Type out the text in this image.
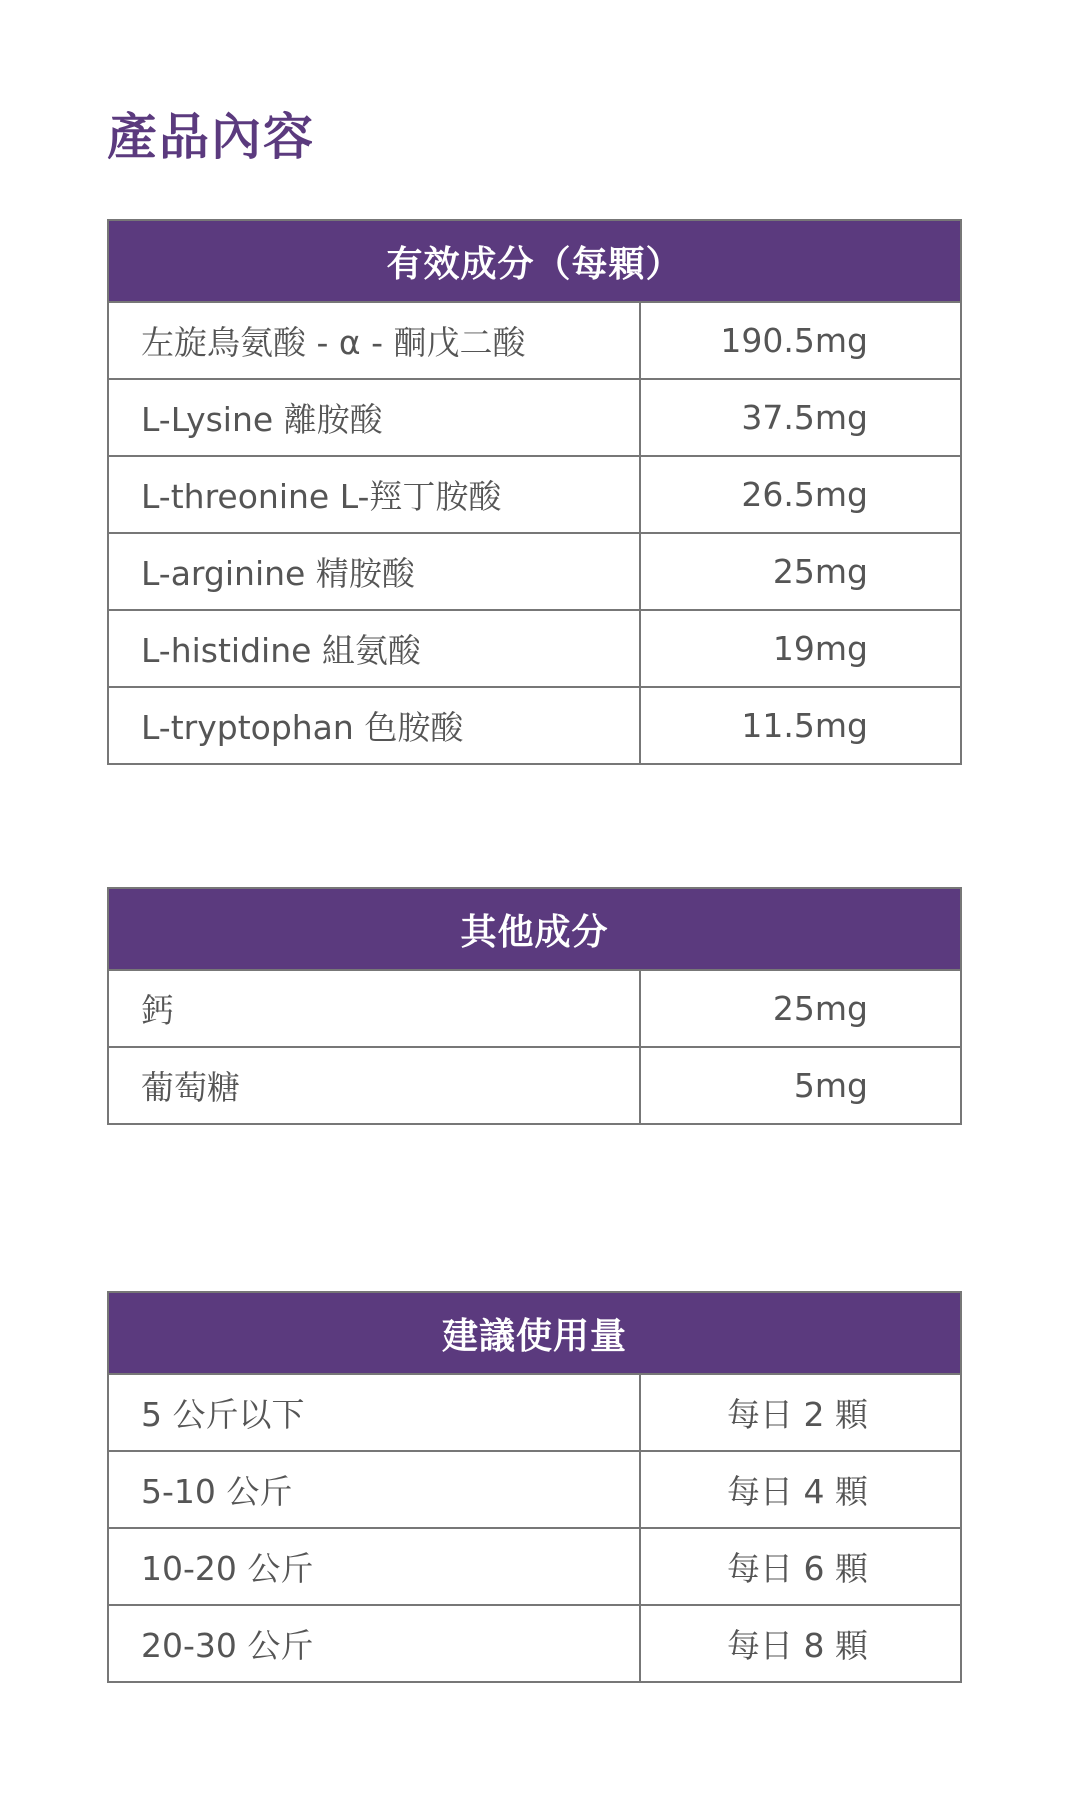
產品內容
有效成分（每顆）
左旋鳥氨酸 - α - 酮戊二酸	190.5mg
L-Lysine 離胺酸	37.5mg
L-threonine L-羥丁胺酸	26.5mg
L-arginine 精胺酸	25mg
L-histidine 組氨酸	19mg
L-tryptophan 色胺酸	11.5mg
其他成分
鈣	25mg
葡萄糖	5mg
建議使用量
5 公斤以下	每日 2 顆
5-10 公斤	每日 4 顆
10-20 公斤	每日 6 顆
20-30 公斤	每日 8 顆
